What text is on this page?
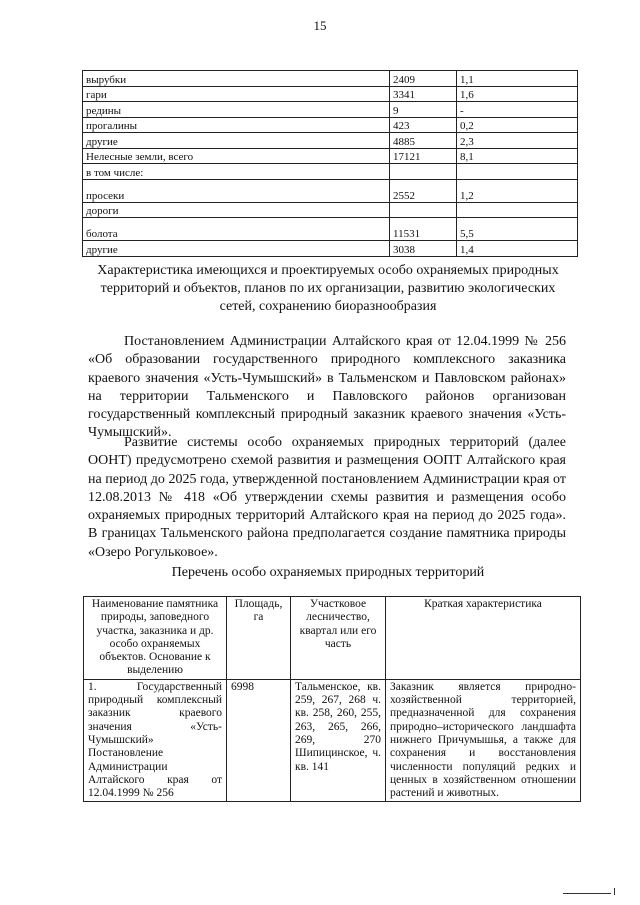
15
вырубки	2409	1,1
гари	3341	1,6
редины	9	-
прогалины	423	0,2
другие	4885	2,3
Нелесные земли, всего	17121	8,1
в том числе:		
просеки	2552	1,2
дороги		
болота	11531	5,5
другие	3038	1,4
Характеристика имеющихся и проектируемых особо охраняемых природных территорий и объектов, планов по их организации, развитию экологических сетей, сохранению биоразнообразия

Постановлением Администрации Алтайского края от 12.04.1999 № 256 «Об образовании государственного природного комплексного заказника краевого значения «Усть-Чумышский» в Тальменском и Павловском районах» на территории Тальменского и Павловского районов организован государственный комплексный природный заказник краевого значения «Усть-Чумышский».

Развитие системы особо охраняемых природных территорий (далее ООНТ) предусмотрено схемой развития и размещения ООПТ Алтайского края на период до 2025 года, утвержденной постановлением Администрации края от 12.08.2013 № 418 «Об утверждении схемы развития и размещения особо охраняемых природных территорий Алтайского края на период до 2025 года». В границах Тальменского района предполагается создание памятника природы «Озеро Рогульковое».

Перечень особо охраняемых природных территорий
Наименование памятника природы, заповедного участка, заказника и др. особо охраняемых объектов. Основание к выделению	Площадь, га	Участковое лесничество, квартал или его часть	Краткая характеристика
1. Государственный природный комплексный заказник краевого значения «Усть-Чумышский» Постановление Администрации Алтайского края от 12.04.1999 № 256	6998	Тальменское, кв. 259, 267, 268 ч. кв. 258, 260, 255, 263, 265, 266, 269, 270 Шипицинское, ч. кв. 141	Заказник является природно-хозяйственной территорией, предназначенной для сохранения природно–исторического ландшафта нижнего Причумышья, а также для сохранения и восстановления численности популяций редких и ценных в хозяйственном отношении растений и животных.
